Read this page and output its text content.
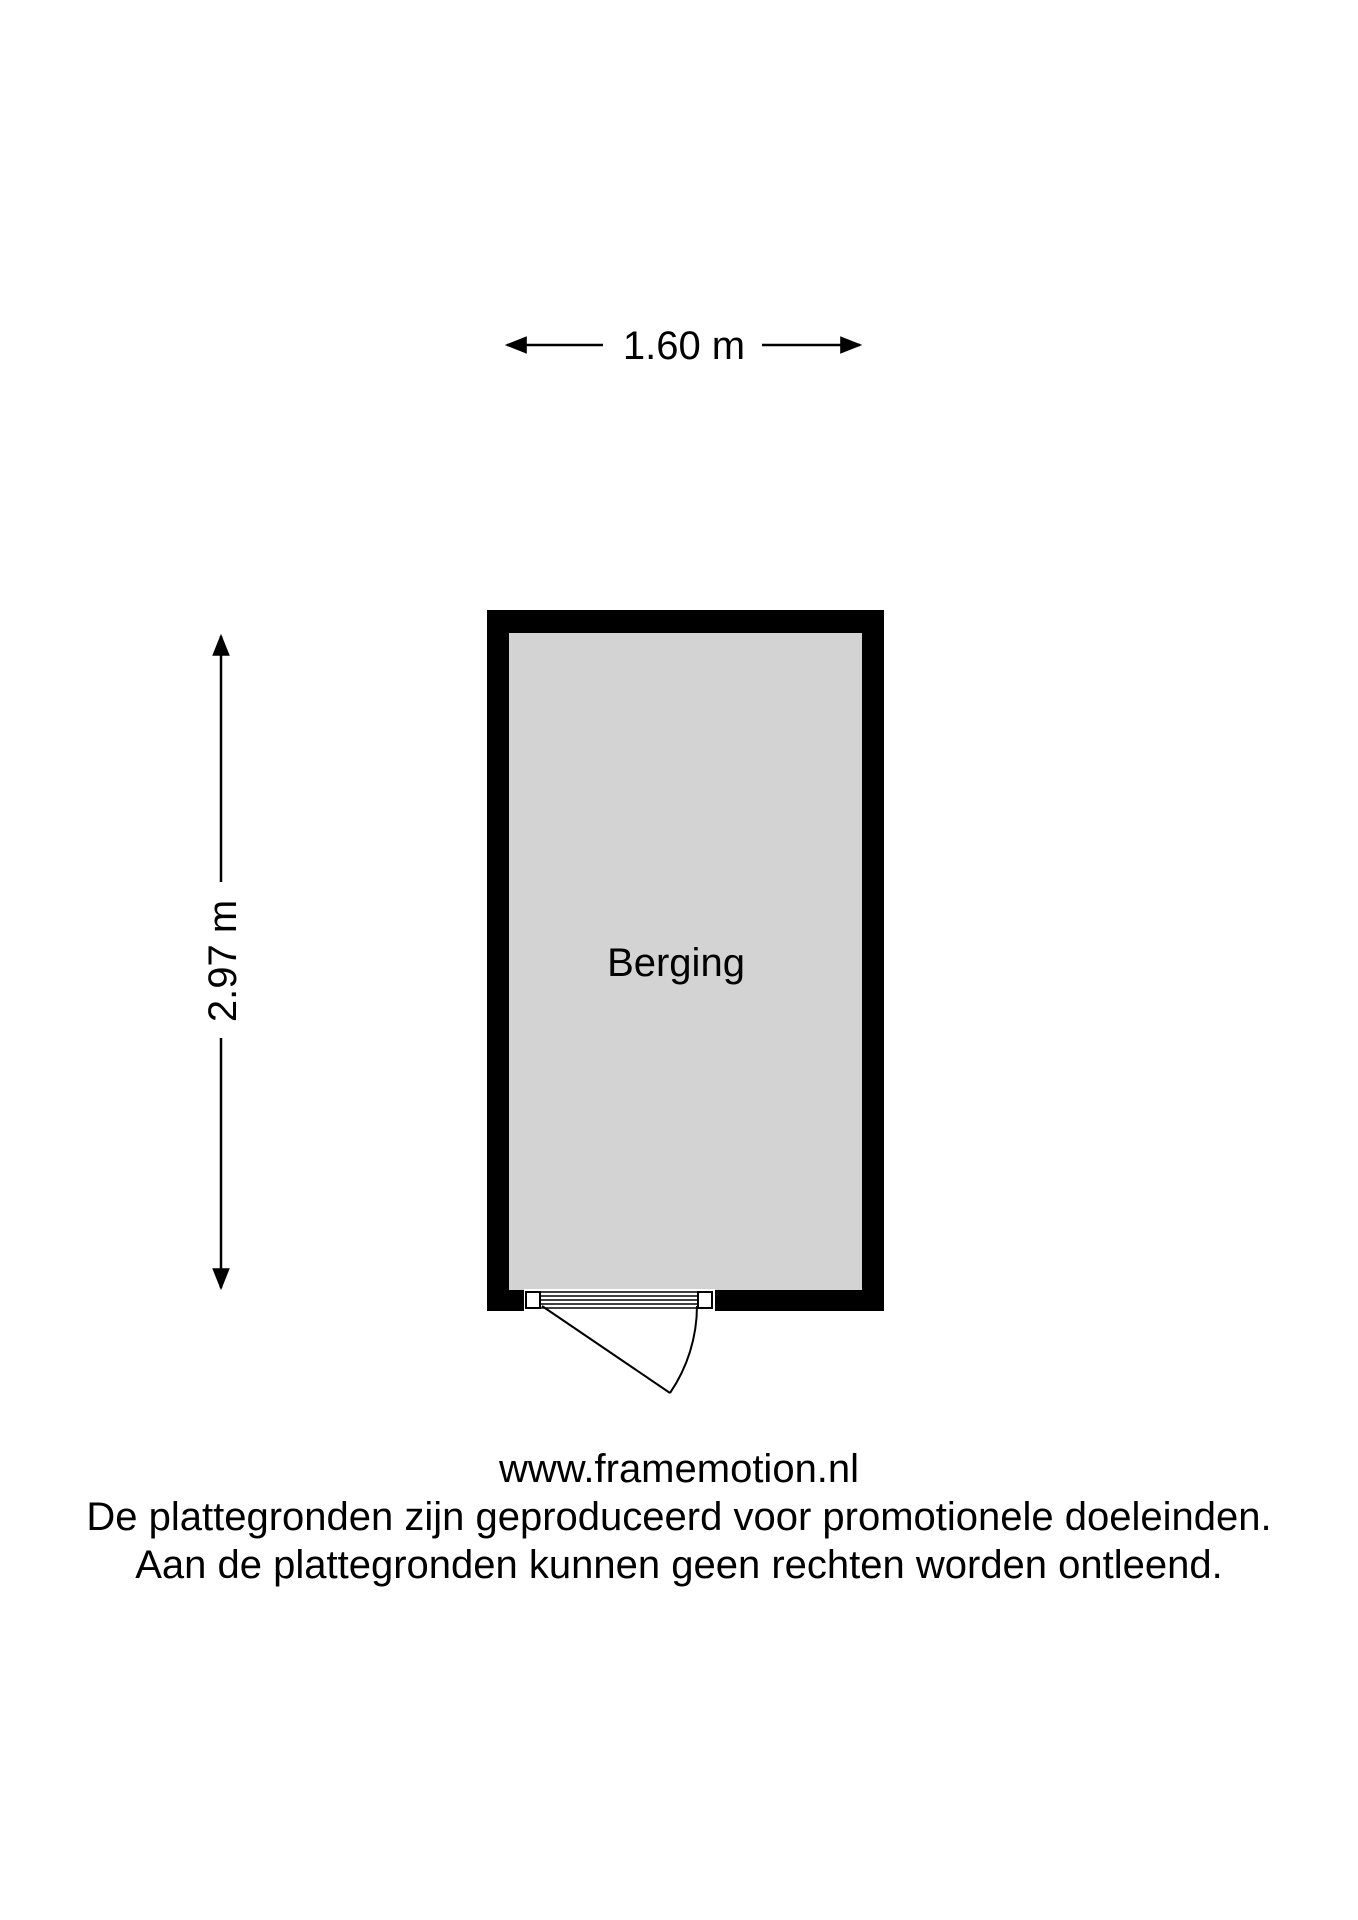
1.60 m
2.97 m	Berging
www.framemotion.nl
De plattegronden zijn geproduceerd voor promotionele doeleinden.
Aan de plattegronden kunnen geen rechten worden ontleend.
